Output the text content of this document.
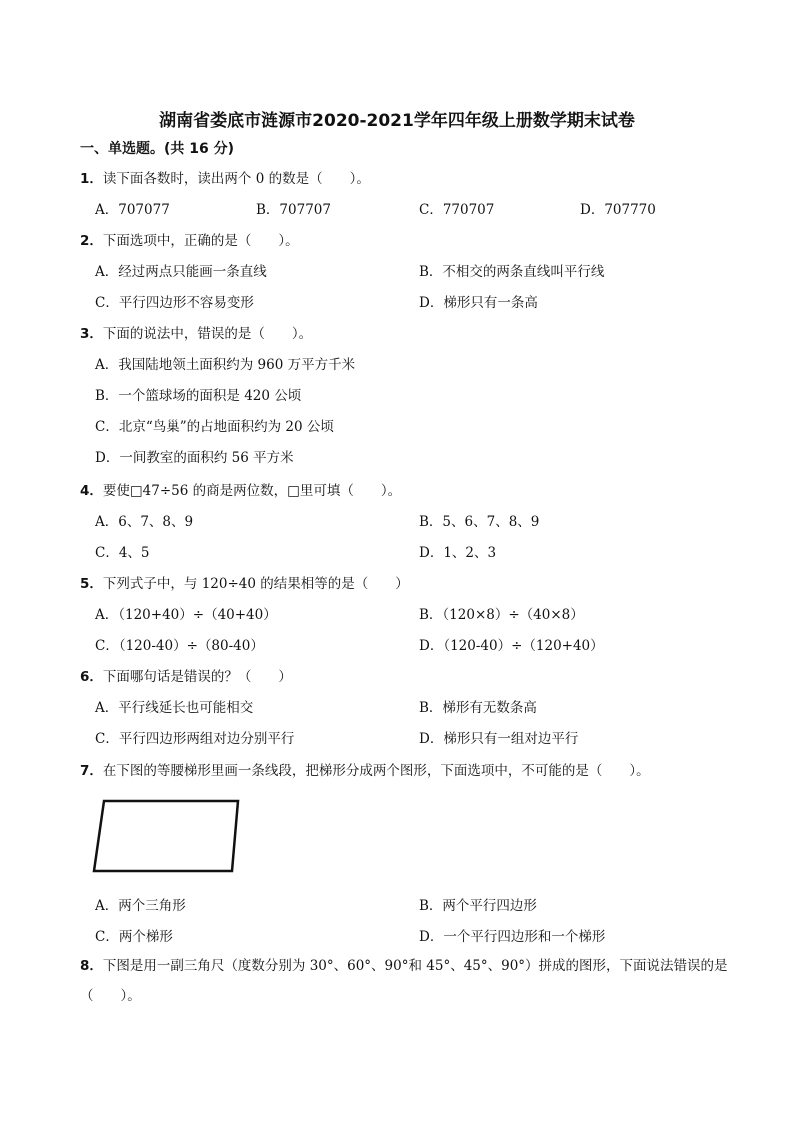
湖南省娄底市涟源市2020-2021学年四年级上册数学期末试卷
一、单选题。(共 16 分)
1．读下面各数时，读出两个 0 的数是（　　）。
A．707077	B．707707	C．770707	D．707770
2．下面选项中，正确的是（　　）。
A．经过两点只能画一条直线	B．不相交的两条直线叫平行线
C．平行四边形不容易变形	D．梯形只有一条高
3．下面的说法中，错误的是（　　）。
A．我国陆地领土面积约为 960 万平方千米
B．一个篮球场的面积是 420 公顷
C．北京“鸟巢”的占地面积约为 20 公顷
D．一间教室的面积约 56 平方米
4．要使□47÷56 的商是两位数，□里可填（　　）。
A．6、7、8、9	B．5、6、7、8、9
C．4、5	D．1、2、3
5．下列式子中，与 120÷40 的结果相等的是（　　）
A．（120+40）÷（40+40）	B．（120×8）÷（40×8）
C．（120-40）÷（80-40）	D．（120-40）÷（120+40）
6．下面哪句话是错误的？（　　）
A．平行线延长也可能相交	B．梯形有无数条高
C．平行四边形两组对边分别平行	D．梯形只有一组对边平行
7．在下图的等腰梯形里画一条线段，把梯形分成两个图形，下面选项中，不可能的是（　　）。
A．两个三角形	B．两个平行四边形
C．两个梯形	D．一个平行四边形和一个梯形
8．下图是用一副三角尺（度数分别为 30°、60°、90°和 45°、45°、90°）拼成的图形，下面说法错误的是（　　）。
